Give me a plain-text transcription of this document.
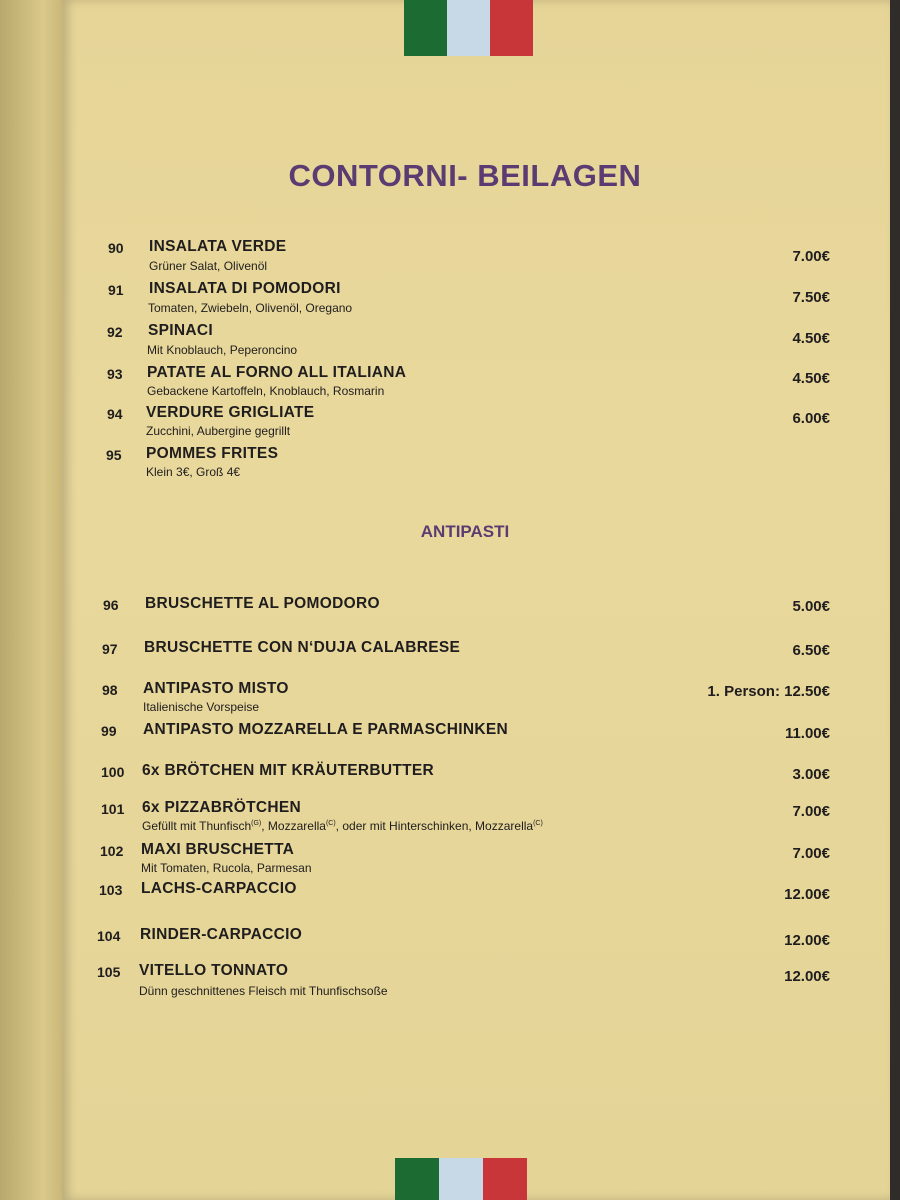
CONTORNI- BEILAGEN
90 INSALATA VERDE
Grüner Salat, Olivenöl
7.00€
91 INSALATA DI POMODORI
Tomaten, Zwiebeln, Olivenöl, Oregano
7.50€
92 SPINACI
Mit Knoblauch, Peperoncino
4.50€
93 PATATE AL FORNO ALL ITALIANA
Gebackene Kartoffeln, Knoblauch, Rosmarin
4.50€
94 VERDURE GRIGLIATE
Zucchini, Aubergine gegrillt
6.00€
95 POMMES FRITES
Klein 3€, Groß 4€
ANTIPASTI
96 BRUSCHETTE AL POMODORO	5.00€
97 BRUSCHETTE CON N‘DUJA CALABRESE	6.50€
98 ANTIPASTO MISTO
Italienische Vorspeise
1. Person: 12.50€
99 ANTIPASTO MOZZARELLA E PARMASCHINKEN	11.00€
100 6x BRÖTCHEN MIT KRÄUTERBUTTER	3.00€
101 6x PIZZABRÖTCHEN
Gefüllt mit Thunfisch$^{(G)}$, Mozzarella$^{(C)}$, oder mit Hinterschinken, Mozzarella$^{(C)}$
7.00€
102 MAXI BRUSCHETTA
Mit Tomaten, Rucola, Parmesan
7.00€
103 LACHS-CARPACCIO	12.00€
104 RINDER-CARPACCIO	12.00€
105 VITELLO TONNATO
Dünn geschnittenes Fleisch mit Thunfischsoße
12.00€
